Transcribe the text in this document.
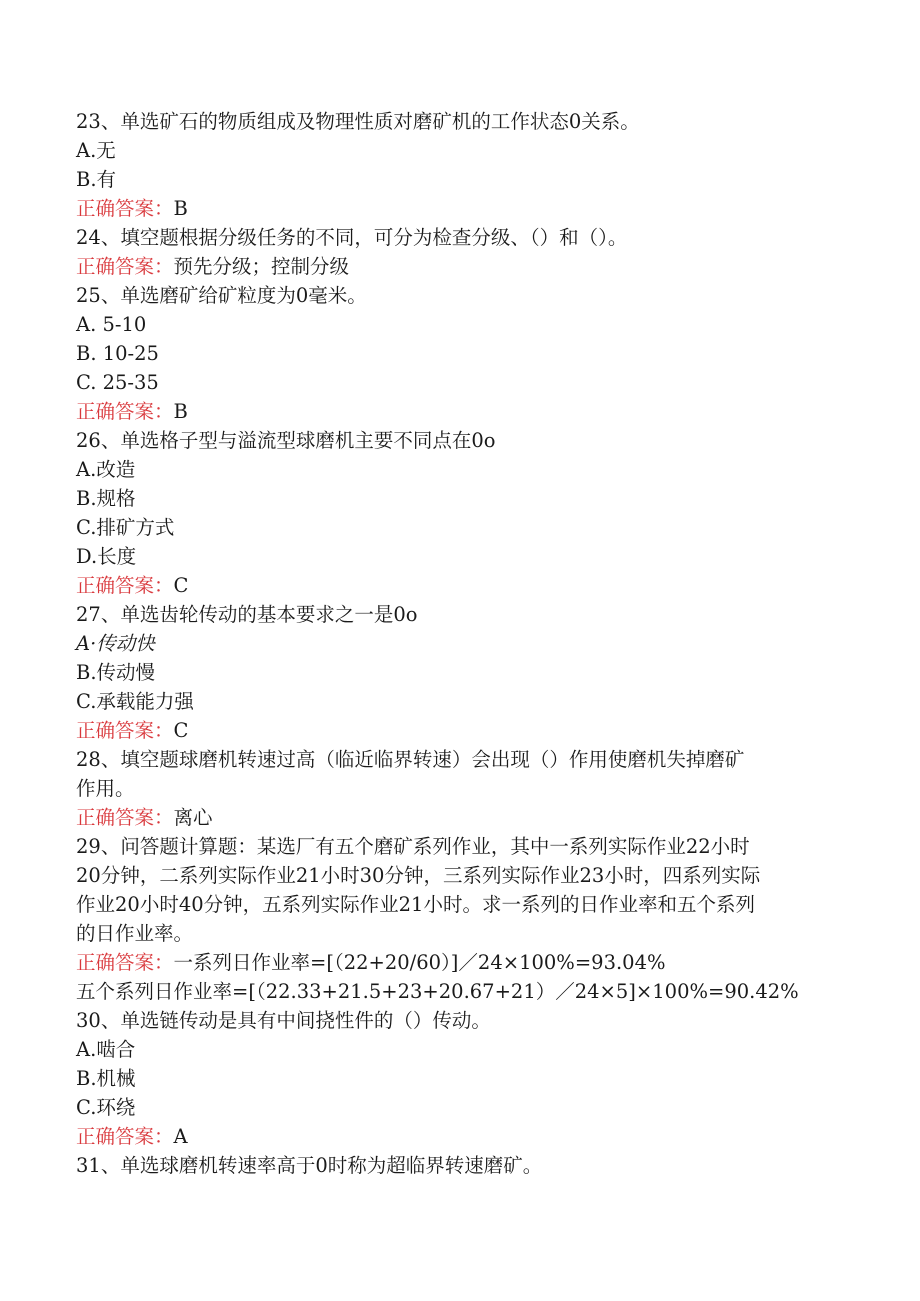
23、单选矿石的物质组成及物理性质对磨矿机的工作状态0关系。
A.无
B.有
正确答案：B
24、填空题根据分级任务的不同，可分为检查分级、（）和（）。
正确答案：预先分级；控制分级
25、单选磨矿给矿粒度为0毫米。
A. 5-10
B. 10-25
C. 25-35
正确答案：B
26、单选格子型与溢流型球磨机主要不同点在0o
A.改造
B.规格
C.排矿方式
D.长度
正确答案：C
27、单选齿轮传动的基本要求之一是0o
A·传动快
B.传动慢
C.承载能力强
正确答案：C
28、填空题球磨机转速过高（临近临界转速）会出现（）作用使磨机失掉磨矿
作用。
正确答案：离心
29、问答题计算题：某选厂有五个磨矿系列作业，其中一系列实际作业22小时
20分钟，二系列实际作业21小时30分钟，三系列实际作业23小时，四系列实际
作业20小时40分钟，五系列实际作业21小时。求一系列的日作业率和五个系列
的日作业率。
正确答案：一系列日作业率=[（22+20/60）]／24×100%=93.04%
五个系列日作业率=[（22.33+21.5+23+20.67+21）／24×5]×100%=90.42%
30、单选链传动是具有中间挠性件的（）传动。
A.啮合
B.机械
C.环绕
正确答案：A
31、单选球磨机转速率高于0时称为超临界转速磨矿。
